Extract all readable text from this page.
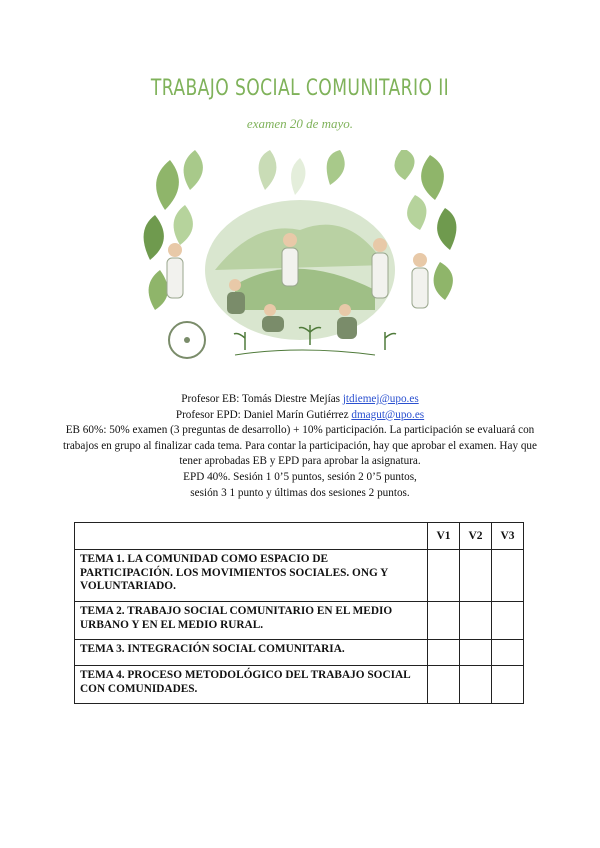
TRABAJO SOCIAL COMUNITARIO II
examen 20 de mayo.
Profesor EB: Tomás Diestre Mejías jtdiemej@upo.es
Profesor EPD: Daniel Marín Gutiérrez dmagut@upo.es
EB 60%: 50% examen (3 preguntas de desarrollo) + 10% participación. La participación se evaluará con trabajos en grupo al finalizar cada tema. Para contar la participación, hay que aprobar el examen. Hay que tener aprobadas EB y EPD para aprobar la asignatura.
EPD 40%. Sesión 1 0’5 puntos, sesión 2 0’5 puntos,
sesión 3 1 punto y últimas dos sesiones 2 puntos.
	V1	V2	V3
TEMA 1. LA COMUNIDAD COMO ESPACIO DE PARTICIPACIÓN. LOS MOVIMIENTOS SOCIALES. ONG Y VOLUNTARIADO.			
TEMA 2. TRABAJO SOCIAL COMUNITARIO EN EL MEDIO URBANO Y EN EL MEDIO RURAL.			
TEMA 3. INTEGRACIÓN SOCIAL COMUNITARIA.			
TEMA 4. PROCESO METODOLÓGICO DEL TRABAJO SOCIAL CON COMUNIDADES.			
